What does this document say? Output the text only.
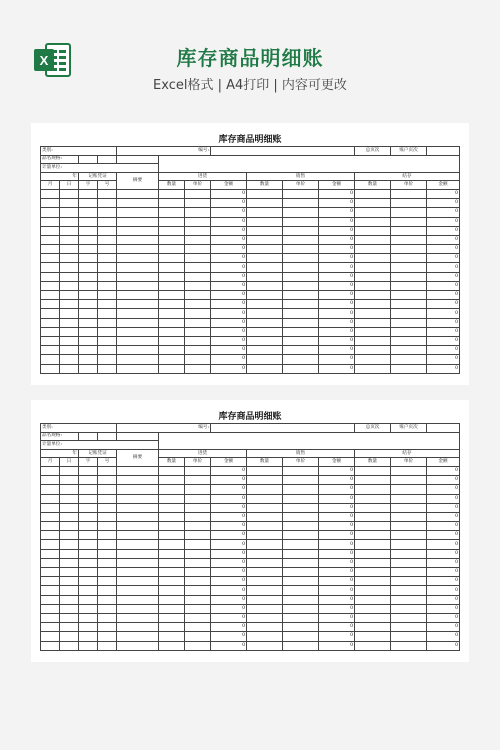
X	库存商品明细账
Excel格式 | A4打印 | 内容可更改
库存商品明细账
类别:				编号:							总页次	账户页次	
品名规格:													
计量单位:													
年		记账凭证		摘要	进货			销售			结存		
月	日	字	号		数量	单价	金额	数量	单价	金额	数量	单价	金额
							0			0			0
							0			0			0
							0			0			0
							0			0			0
							0			0			0
							0			0			0
							0			0			0
							0			0			0
							0			0			0
							0			0			0
							0			0			0
							0			0			0
							0			0			0
							0			0			0
							0			0			0
							0			0			0
							0			0			0
							0			0			0
							0			0			0
							0			0			0
库存商品明细账
类别:				编号:							总页次	账户页次	
品名规格:													
计量单位:													
年		记账凭证		摘要	进货			销售			结存		
月	日	字	号		数量	单价	金额	数量	单价	金额	数量	单价	金额
							0			0			0
							0			0			0
							0			0			0
							0			0			0
							0			0			0
							0			0			0
							0			0			0
							0			0			0
							0			0			0
							0			0			0
							0			0			0
							0			0			0
							0			0			0
							0			0			0
							0			0			0
							0			0			0
							0			0			0
							0			0			0
							0			0			0
							0			0			0
